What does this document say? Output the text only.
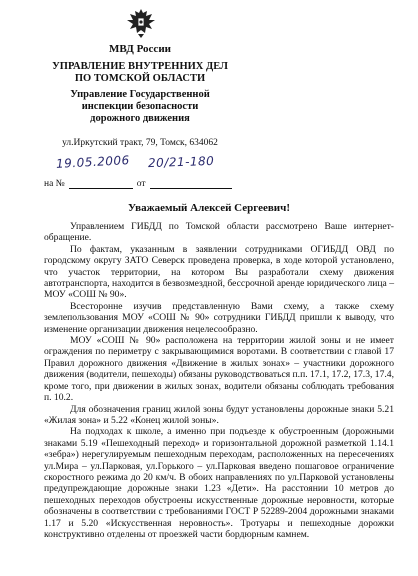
МВД России
УПРАВЛЕНИЕ ВНУТРЕННИХ ДЕЛ
ПО ТОМСКОЙ ОБЛАСТИ
Управление Государственной
инспекции безопасности
дорожного движения
ул.Иркутский тракт, 79, Томск, 634062
19.05.2006 20/21-180
на №	от
Уважаемый Алексей Сергеевич!

Управлением ГИБДД по Томской области рассмотрено Ваше интернет-обращение.

По фактам, указанным в заявлении сотрудниками ОГИБДД ОВД по городскому округу ЗАТО Северск проведена проверка, в ходе которой установлено, что участок территории, на котором Вы разработали схему движения автотранспорта, находится в безвозмездной, бессрочной аренде юридического лица – МОУ «СОШ № 90».

Всесторонне изучив представленную Вами схему, а также схему землепользования МОУ «СОШ № 90» сотрудники ГИБДД пришли к выводу, что изменение организации движения нецелесообразно.

МОУ «СОШ № 90» расположена на территории жилой зоны и не имеет ограждения по периметру с закрывающимися воротами. В соответствии с главой 17 Правил дорожного движения «Движение в жилых зонах» – участники дорожного движения (водители, пешеходы) обязаны руководствоваться п.п. 17.1, 17.2, 17.3, 17.4, кроме того, при движении в жилых зонах, водители обязаны соблюдать требования п. 10.2.

Для обозначения границ жилой зоны будут установлены дорожные знаки 5.21 «Жилая зона» и 5.22 «Конец жилой зоны».

На подходах к школе, а именно при подъезде к обустроенным (дорожными знаками 5.19 «Пешеходный переход» и горизонтальной дорожной разметкой 1.14.1 «зебра») нерегулируемым пешеходным переходам, расположенных на пересечениях ул.Мира – ул.Парковая, ул.Горького – ул.Парковая введено пошаговое ограничение скоростного режима до 20 км/ч. В обоих направлениях по ул.Парковой установлены предупреждающие дорожные знаки 1.23 «Дети». На расстоянии 10 метров до пешеходных переходов обустроены искусственные дорожные неровности, которые обозначены в соответствии с требованиями ГОСТ Р 52289-2004 дорожными знаками 1.17 и 5.20 «Искусственная неровность». Тротуары и пешеходные дорожки конструктивно отделены от проезжей части бордюрным камнем.
